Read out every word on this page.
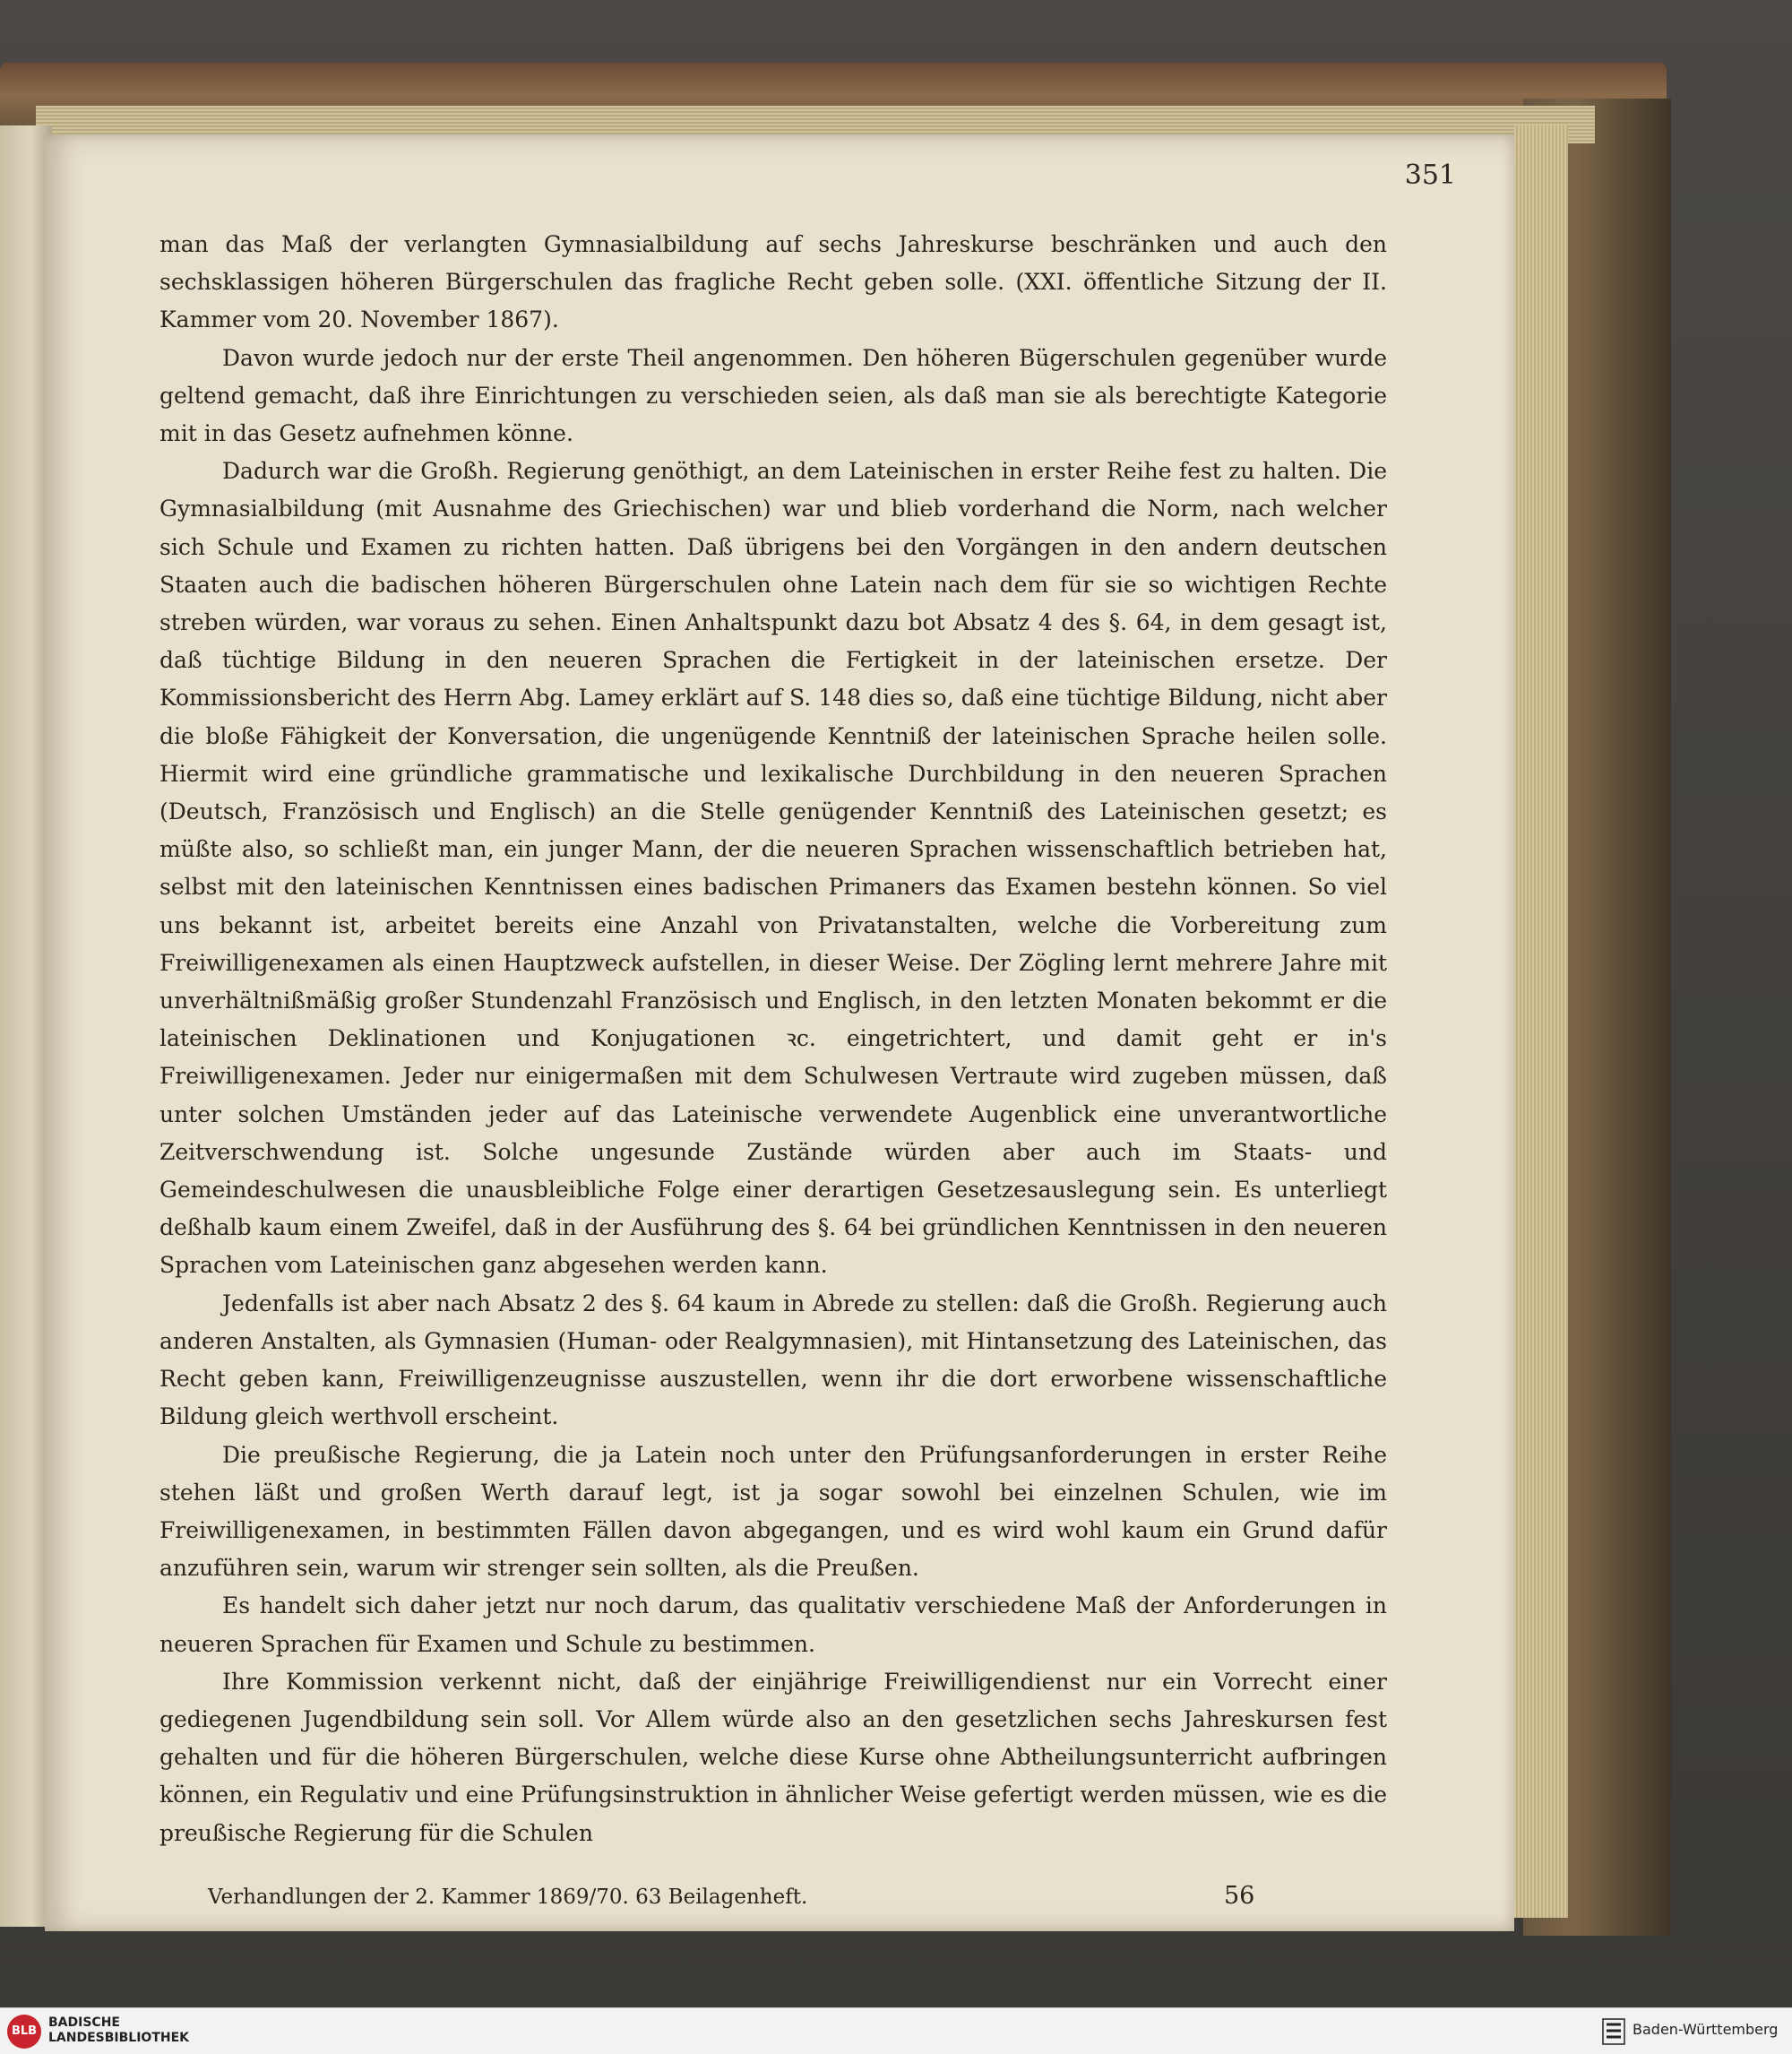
351

man das Maß der verlangten Gymnasialbildung auf sechs Jahreskurse beschränken und auch den sechsklassigen höheren Bürgerschulen das fragliche Recht geben solle. (XXI. öffentliche Sitzung der II. Kammer vom 20. November 1867).

Davon wurde jedoch nur der erste Theil angenommen. Den höheren Bügerschulen gegenüber wurde geltend gemacht, daß ihre Einrichtungen zu verschieden seien, als daß man sie als berechtigte Kategorie mit in das Gesetz aufnehmen könne.

Dadurch war die Großh. Regierung genöthigt, an dem Lateinischen in erster Reihe fest zu halten. Die Gymnasialbildung (mit Ausnahme des Griechischen) war und blieb vorderhand die Norm, nach welcher sich Schule und Examen zu richten hatten. Daß übrigens bei den Vorgängen in den andern deutschen Staaten auch die badischen höheren Bürgerschulen ohne Latein nach dem für sie so wichtigen Rechte streben würden, war voraus zu sehen. Einen Anhaltspunkt dazu bot Absatz 4 des §. 64, in dem gesagt ist, daß tüchtige Bildung in den neueren Sprachen die Fertigkeit in der lateinischen ersetze. Der Kommissionsbericht des Herrn Abg. Lamey erklärt auf S. 148 dies so, daß eine tüchtige Bildung, nicht aber die bloße Fähigkeit der Konversation, die ungenügende Kenntniß der lateinischen Sprache heilen solle. Hiermit wird eine gründliche grammatische und lexikalische Durchbildung in den neueren Sprachen (Deutsch, Französisch und Englisch) an die Stelle genügender Kenntniß des Lateinischen gesetzt; es müßte also, so schließt man, ein junger Mann, der die neueren Sprachen wissenschaftlich betrieben hat, selbst mit den lateinischen Kenntnissen eines badischen Primaners das Examen bestehn können. So viel uns bekannt ist, arbeitet bereits eine Anzahl von Privatanstalten, welche die Vorbereitung zum Freiwilligenexamen als einen Hauptzweck aufstellen, in dieser Weise. Der Zögling lernt mehrere Jahre mit unverhältnißmäßig großer Stundenzahl Französisch und Englisch, in den letzten Monaten bekommt er die lateinischen Deklinationen und Konjugationen ꝛc. eingetrichtert, und damit geht er in's Freiwilligenexamen. Jeder nur einigermaßen mit dem Schulwesen Vertraute wird zugeben müssen, daß unter solchen Umständen jeder auf das Lateinische verwendete Augenblick eine unverantwortliche Zeitverschwendung ist. Solche ungesunde Zustände würden aber auch im Staats- und Gemeindeschulwesen die unausbleibliche Folge einer derartigen Gesetzesauslegung sein. Es unterliegt deßhalb kaum einem Zweifel, daß in der Ausführung des §. 64 bei gründlichen Kenntnissen in den neueren Sprachen vom Lateinischen ganz abgesehen werden kann.

Jedenfalls ist aber nach Absatz 2 des §. 64 kaum in Abrede zu stellen: daß die Großh. Regierung auch anderen Anstalten, als Gymnasien (Human- oder Realgymnasien), mit Hintansetzung des Lateinischen, das Recht geben kann, Freiwilligenzeugnisse auszustellen, wenn ihr die dort erworbene wissenschaftliche Bildung gleich werthvoll erscheint.

Die preußische Regierung, die ja Latein noch unter den Prüfungsanforderungen in erster Reihe stehen läßt und großen Werth darauf legt, ist ja sogar sowohl bei einzelnen Schulen, wie im Freiwilligenexamen, in bestimmten Fällen davon abgegangen, und es wird wohl kaum ein Grund dafür anzuführen sein, warum wir strenger sein sollten, als die Preußen.

Es handelt sich daher jetzt nur noch darum, das qualitativ verschiedene Maß der Anforderungen in neueren Sprachen für Examen und Schule zu bestimmen.

Ihre Kommission verkennt nicht, daß der einjährige Freiwilligendienst nur ein Vorrecht einer gediegenen Jugendbildung sein soll. Vor Allem würde also an den gesetzlichen sechs Jahreskursen fest gehalten und für die höheren Bürgerschulen, welche diese Kurse ohne Abtheilungsunterricht aufbringen können, ein Regulativ und eine Prüfungsinstruktion in ähnlicher Weise gefertigt werden müssen, wie es die preußische Regierung für die Schulen

Verhandlungen der 2. Kammer 1869/70. 63 Beilagenheft.	56
BLB
BADISCHE
LANDESBIBLIOTHEK	Baden-Württemberg
